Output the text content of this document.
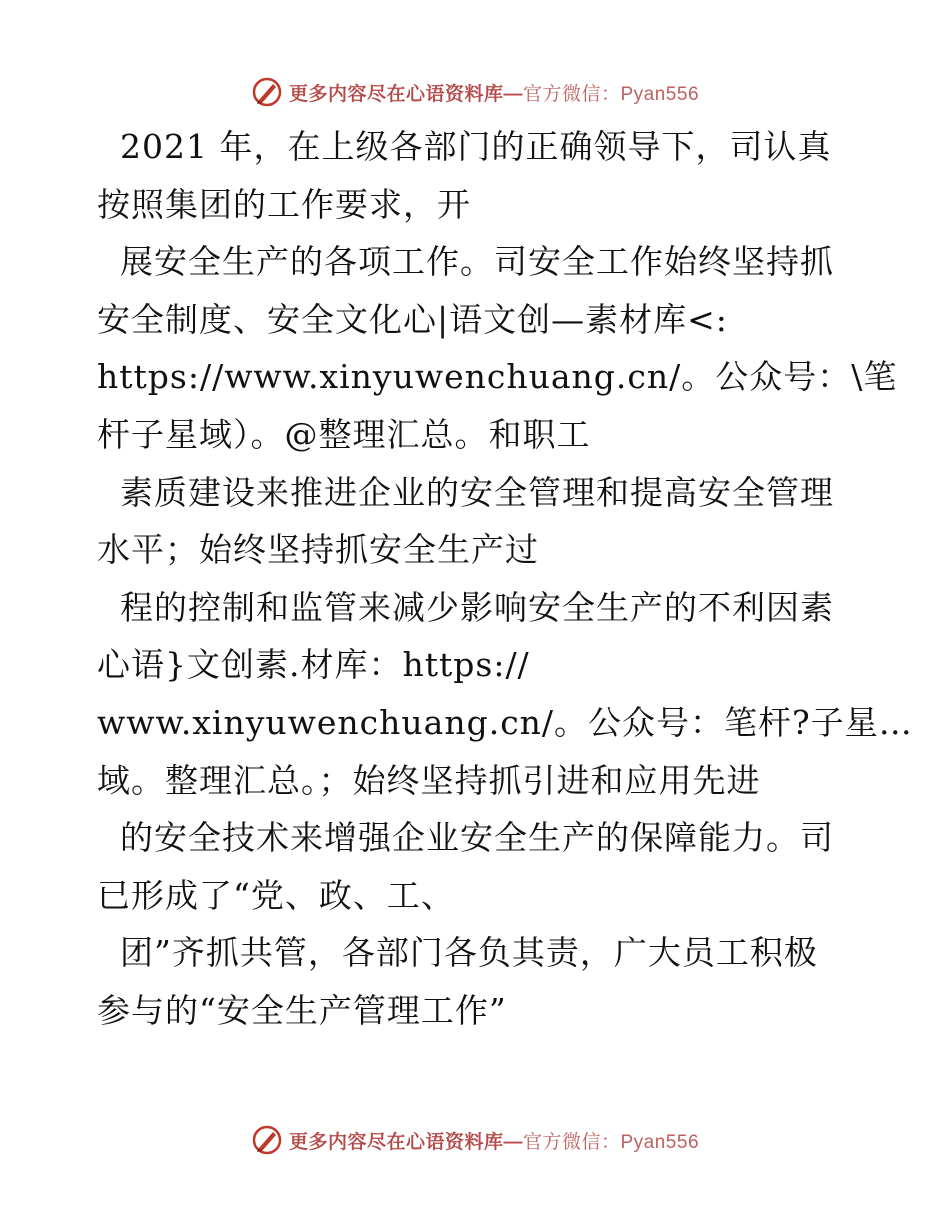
更多内容尽在心语资料库—官方微信：Pyan556
2021 年，在上级各部门的正确领导下，司认真
按照集团的工作要求，开
展安全生产的各项工作。司安全工作始终坚持抓
安全制度、安全文化心|语文创—素材库<:
https://www.xinyuwenchuang.cn/。公众号：\笔
杆子星域）。@整理汇总。和职工
素质建设来推进企业的安全管理和提高安全管理
水平；始终坚持抓安全生产过
程的控制和监管来减少影响安全生产的不利因素
心语}文创素.材库：https://
www.xinyuwenchuang.cn/。公众号：笔杆?子星…
域。整理汇总。；始终坚持抓引进和应用先进
的安全技术来增强企业安全生产的保障能力。司
已形成了“党、政、工、
团”齐抓共管，各部门各负其责，广大员工积极
参与的“安全生产管理工作”
更多内容尽在心语资料库—官方微信：Pyan556
